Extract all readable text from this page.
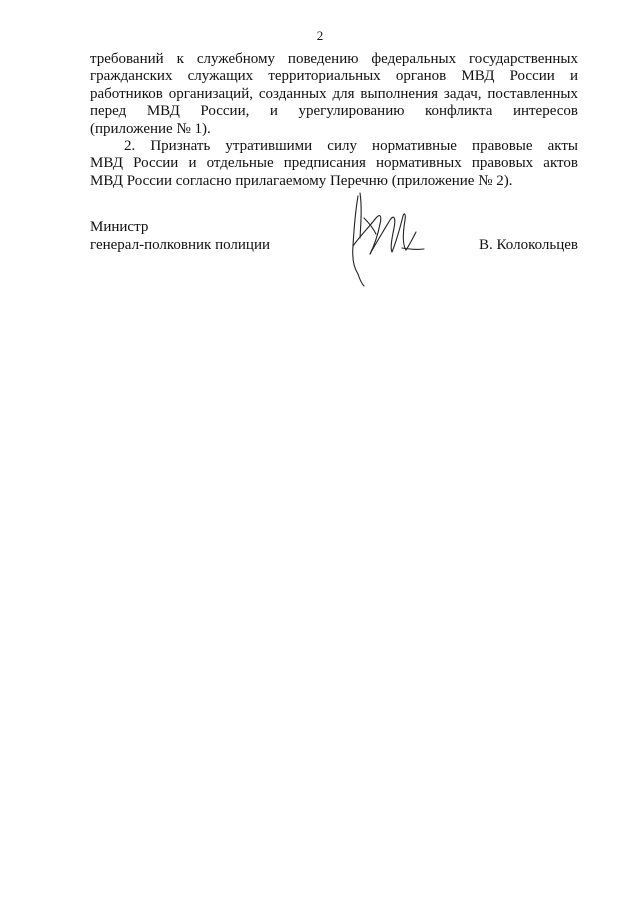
2

требований к служебному поведению федеральных государственных
гражданских служащих территориальных органов МВД России и
работников организаций, созданных для выполнения задач, поставленных
перед МВД России, и урегулированию конфликта интересов
(приложение № 1).

2. Признать утратившими силу нормативные правовые акты
МВД России и отдельные предписания нормативных правовых актов
МВД России согласно прилагаемому Перечню (приложение № 2).

Министр
генерал-полковник полиции	В. Колокольцев
